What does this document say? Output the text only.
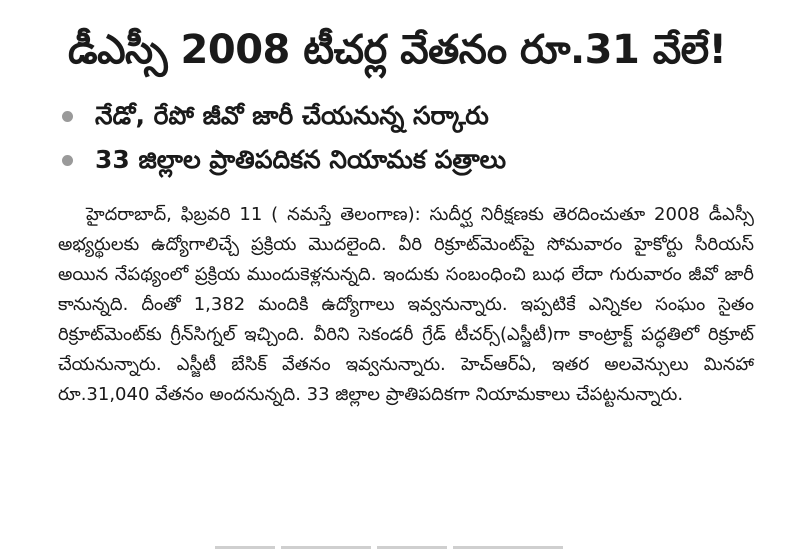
డీఎస్సీ 2008 టీచర్ల వేతనం రూ.31 వేలే!
నేడో, రేపో జీవో జారీ చేయనున్న సర్కారు
33 జిల్లాల ప్రాతిపదికన నియామక పత్రాలు

హైదరాబాద్, ఫిబ్రవరి 11 ( నమస్తే తెలంగాణ): సుదీర్ఘ నిరీక్షణకు తెరదించుతూ 2008 డీఎస్సీ అభ్యర్థులకు ఉద్యోగాలిచ్చే ప్రక్రియ మొదలైంది. వీరి రిక్రూట్‌మెంట్‌పై సోమవారం హైకోర్టు సీరియస్ అయిన నేపథ్యంలో ప్రక్రియ ముందుకెళ్లనున్నది. ఇందుకు సంబంధించి బుధ లేదా గురువారం జీవో జారీ కానున్నది. దీంతో 1,382 మందికి ఉద్యోగాలు ఇవ్వనున్నారు. ఇప్పటికే ఎన్నికల సంఘం సైతం రిక్రూట్‌మెంట్‌కు గ్రీన్‌సిగ్నల్ ఇచ్చింది. వీరిని సెకండరీ గ్రేడ్ టీచర్స్(ఎస్జీటీ)గా కాంట్రాక్ట్ పద్ధతిలో రిక్రూట్ చేయనున్నారు. ఎస్జీటీ బేసిక్ వేతనం ఇవ్వనున్నారు. హెచ్‌ఆర్‌ఏ, ఇతర అలవెన్సులు మినహా రూ.31,040 వేతనం అందనున్నది. 33 జిల్లాల ప్రాతిపదికగా నియామకాలు చేపట్టనున్నారు.
